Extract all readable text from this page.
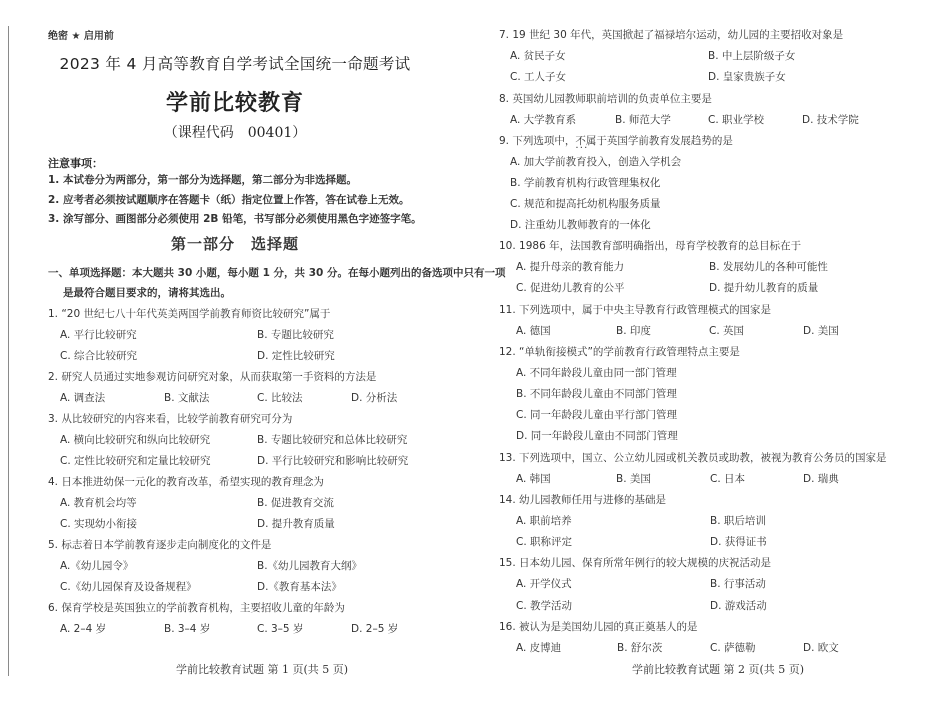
绝密 ★ 启用前
2023 年 4 月高等教育自学考试全国统一命题考试
学前比较教育
（课程代码　00401）
注意事项：
1. 本试卷分为两部分，第一部分为选择题，第二部分为非选择题。
2. 应考者必须按试题顺序在答题卡（纸）指定位置上作答，答在试卷上无效。
3. 涂写部分、画图部分必须使用 2B 铅笔，书写部分必须使用黑色字迹签字笔。
第一部分　选择题
一、单项选择题：本大题共 30 小题，每小题 1 分，共 30 分。在每小题列出的备选项中只有一项
是最符合题目要求的，请将其选出。
1. “20 世纪七八十年代英美两国学前教育师资比较研究”属于
A. 平行比较研究	B. 专题比较研究
C. 综合比较研究	D. 定性比较研究
2. 研究人员通过实地参观访问研究对象，从而获取第一手资料的方法是
A. 调查法	B. 文献法	C. 比较法	D. 分析法
3. 从比较研究的内容来看，比较学前教育研究可分为
A. 横向比较研究和纵向比较研究	B. 专题比较研究和总体比较研究
C. 定性比较研究和定量比较研究	D. 平行比较研究和影响比较研究
4. 日本推进幼保一元化的教育改革，希望实现的教育理念为
A. 教育机会均等	B. 促进教育交流
C. 实现幼小衔接	D. 提升教育质量
5. 标志着日本学前教育逐步走向制度化的文件是
A.《幼儿园令》	B.《幼儿园教育大纲》
C.《幼儿园保育及设备规程》	D.《教育基本法》
6. 保育学校是英国独立的学前教育机构，主要招收儿童的年龄为
A. 2–4 岁	B. 3–4 岁	C. 3–5 岁	D. 2–5 岁
学前比较教育试题 第 1 页(共 5 页)
7. 19 世纪 30 年代，英国掀起了福禄培尔运动，幼儿园的主要招收对象是
A. 贫民子女	B. 中上层阶级子女
C. 工人子女	D. 皇家贵族子女
8. 英国幼儿园教师职前培训的负责单位主要是
A. 大学教育系	B. 师范大学	C. 职业学校	D. 技术学院
9. 下列选项中，不属于 · · ·英国学前教育发展趋势的是
A. 加大学前教育投入，创造入学机会
B. 学前教育机构行政管理集权化
C. 规范和提高托幼机构服务质量
D. 注重幼儿教师教育的一体化
10. 1986 年，法国教育部明确指出，母育学校教育的总目标在于
A. 提升母亲的教育能力	B. 发展幼儿的各种可能性
C. 促进幼儿教育的公平	D. 提升幼儿教育的质量
11. 下列选项中，属于中央主导教育行政管理模式的国家是
A. 德国	B. 印度	C. 英国	D. 美国
12. “单轨衔接模式”的学前教育行政管理特点主要是
A. 不同年龄段儿童由同一部门管理
B. 不同年龄段儿童由不同部门管理
C. 同一年龄段儿童由平行部门管理
D. 同一年龄段儿童由不同部门管理
13. 下列选项中，国立、公立幼儿园或机关教员或助教，被视为教育公务员的国家是
A. 韩国	B. 美国	C. 日本	D. 瑞典
14. 幼儿园教师任用与进修的基础是
A. 职前培养	B. 职后培训
C. 职称评定	D. 获得证书
15. 日本幼儿园、保育所常年例行的较大规模的庆祝活动是
A. 开学仪式	B. 行事活动
C. 教学活动	D. 游戏活动
16. 被认为是美国幼儿园的真正奠基人的是
A. 皮博迪	B. 舒尔茨	C. 萨德勒	D. 欧文
学前比较教育试题 第 2 页(共 5 页)
